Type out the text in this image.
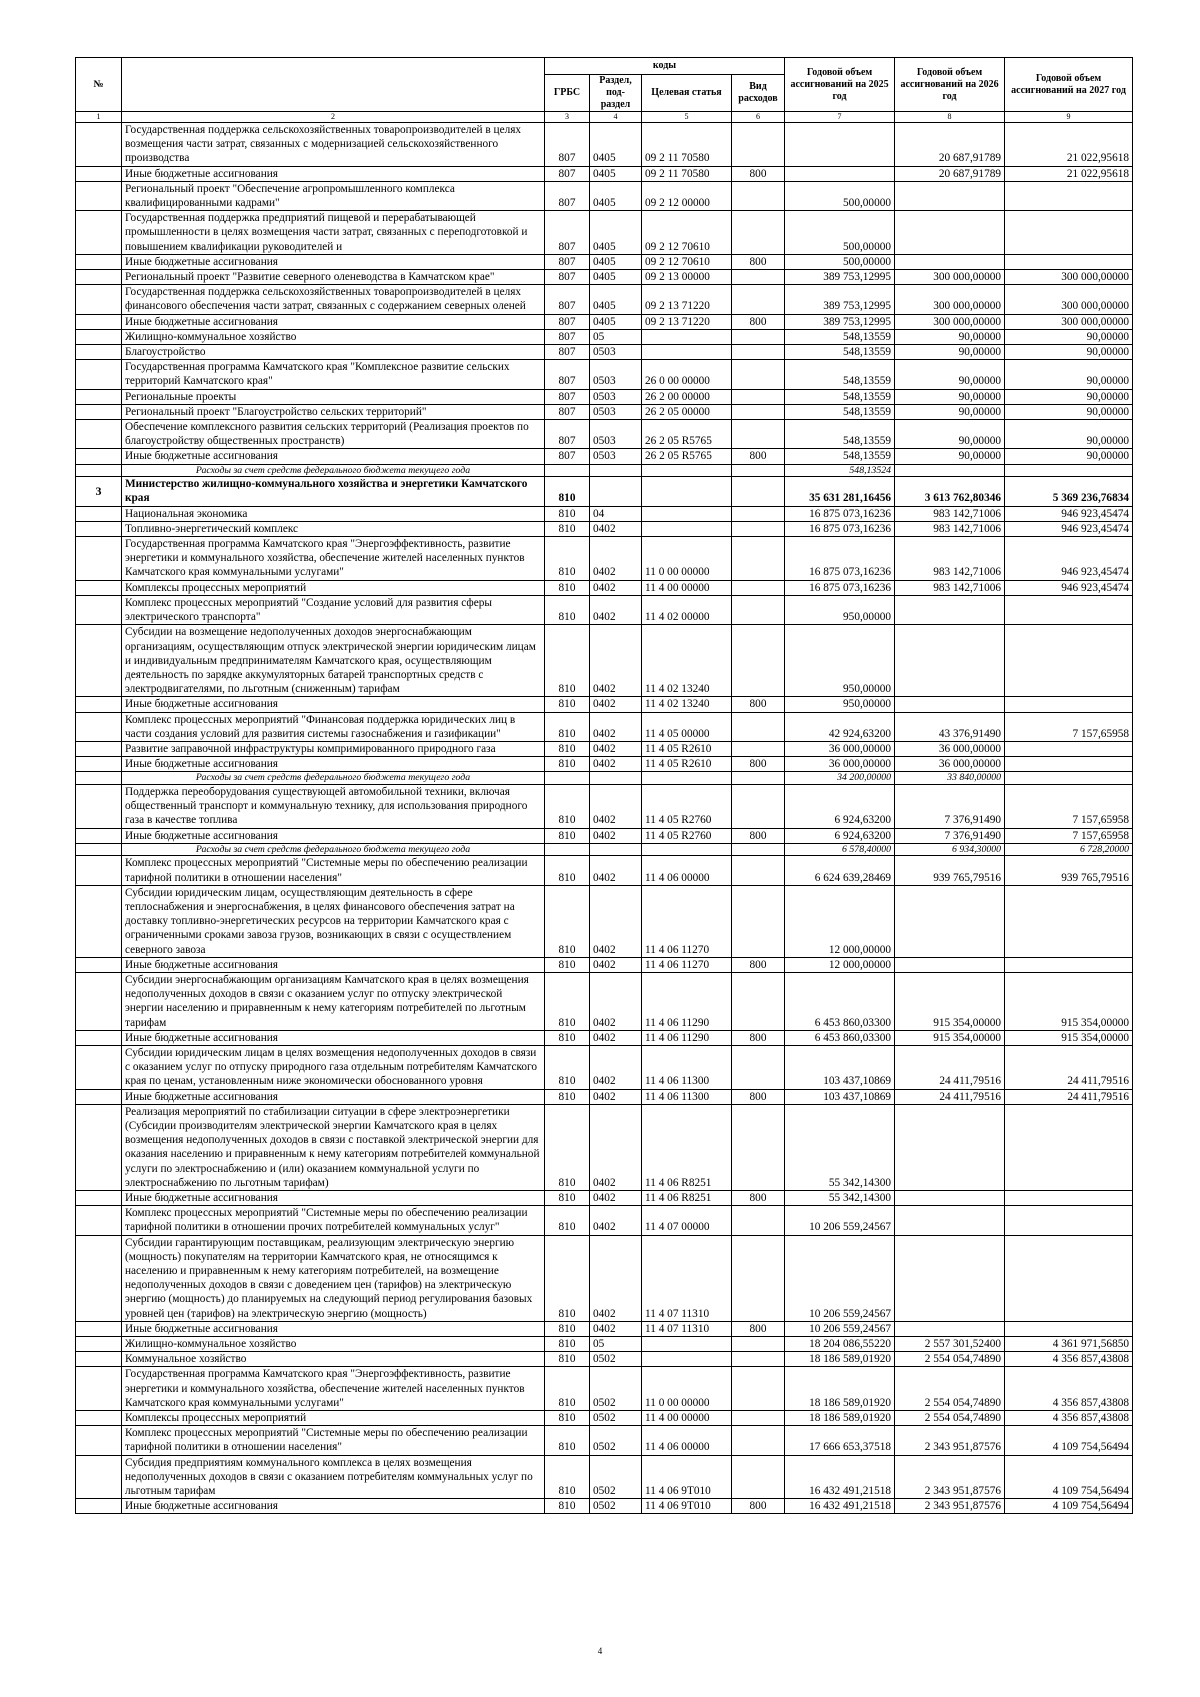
№		коды				Годовой объем ассигнований на 2025 год	Годовой объем ассигнований на 2026 год	Годовой объем ассигнований на 2027 год
		ГРБС	Раздел, под-раздел	Целевая статья	Вид расходов			
1	2	3	4	5	6	7	8	9
	Государственная поддержка сельскохозяйственных товаропроизводителей в целях возмещения части затрат, связанных с модернизацией сельскохозяйственного производства	807	0405	09 2 11 70580			20 687,91789	21 022,95618
	Иные бюджетные ассигнования	807	0405	09 2 11 70580	800		20 687,91789	21 022,95618
	Региональный проект "Обеспечение агропромышленного комплекса квалифицированными кадрами"	807	0405	09 2 12 00000		500,00000		
	Государственная поддержка предприятий пищевой и перерабатывающей промышленности в целях возмещения части затрат, связанных с переподготовкой и повышением квалификации руководителей и	807	0405	09 2 12 70610		500,00000		
	Иные бюджетные ассигнования	807	0405	09 2 12 70610	800	500,00000		
	Региональный проект "Развитие северного оленеводства в Камчатском крае"	807	0405	09 2 13 00000		389 753,12995	300 000,00000	300 000,00000
	Государственная поддержка сельскохозяйственных товаропроизводителей в целях финансового обеспечения части затрат, связанных с содержанием северных оленей	807	0405	09 2 13 71220		389 753,12995	300 000,00000	300 000,00000
	Иные бюджетные ассигнования	807	0405	09 2 13 71220	800	389 753,12995	300 000,00000	300 000,00000
	Жилищно-коммунальное хозяйство	807	05			548,13559	90,00000	90,00000
	Благоустройство	807	0503			548,13559	90,00000	90,00000
	Государственная программа Камчатского края "Комплексное развитие сельских территорий Камчатского края"	807	0503	26 0 00 00000		548,13559	90,00000	90,00000
	Региональные проекты	807	0503	26 2 00 00000		548,13559	90,00000	90,00000
	Региональный проект "Благоустройство сельских территорий"	807	0503	26 2 05 00000		548,13559	90,00000	90,00000
	Обеспечение комплексного развития сельских территорий (Реализация проектов по благоустройству общественных пространств)	807	0503	26 2 05 R5765		548,13559	90,00000	90,00000
	Иные бюджетные ассигнования	807	0503	26 2 05 R5765	800	548,13559	90,00000	90,00000
	Расходы за счет средств федерального бюджета текущего года					548,13524		
3	Министерство жилищно-коммунального хозяйства и энергетики Камчатского края	810				35 631 281,16456	3 613 762,80346	5 369 236,76834
	Национальная экономика	810	04			16 875 073,16236	983 142,71006	946 923,45474
	Топливно-энергетический комплекс	810	0402			16 875 073,16236	983 142,71006	946 923,45474
	Государственная программа Камчатского края "Энергоэффективность, развитие энергетики и коммунального хозяйства, обеспечение жителей населенных пунктов Камчатского края коммунальными услугами"	810	0402	11 0 00 00000		16 875 073,16236	983 142,71006	946 923,45474
	Комплексы процессных мероприятий	810	0402	11 4 00 00000		16 875 073,16236	983 142,71006	946 923,45474
	Комплекс процессных мероприятий "Создание условий для развития сферы электрического транспорта"	810	0402	11 4 02 00000		950,00000		
	Субсидии на возмещение недополученных доходов энергоснабжающим организациям, осуществляющим отпуск электрической энергии юридическим лицам и индивидуальным предпринимателям Камчатского края, осуществляющим деятельность по зарядке аккумуляторных батарей транспортных средств с электродвигателями, по льготным (сниженным) тарифам	810	0402	11 4 02 13240		950,00000		
	Иные бюджетные ассигнования	810	0402	11 4 02 13240	800	950,00000		
	Комплекс процессных мероприятий "Финансовая поддержка юридических лиц в части создания условий для развития системы газоснабжения и газификации"	810	0402	11 4 05 00000		42 924,63200	43 376,91490	7 157,65958
	Развитие заправочной инфраструктуры компримированного природного газа	810	0402	11 4 05 R2610		36 000,00000	36 000,00000	
	Иные бюджетные ассигнования	810	0402	11 4 05 R2610	800	36 000,00000	36 000,00000	
	Расходы за счет средств федерального бюджета текущего года					34 200,00000	33 840,00000	
	Поддержка переоборудования существующей автомобильной техники, включая общественный транспорт и коммунальную технику, для использования природного газа в качестве топлива	810	0402	11 4 05 R2760		6 924,63200	7 376,91490	7 157,65958
	Иные бюджетные ассигнования	810	0402	11 4 05 R2760	800	6 924,63200	7 376,91490	7 157,65958
	Расходы за счет средств федерального бюджета текущего года					6 578,40000	6 934,30000	6 728,20000
	Комплекс процессных мероприятий "Системные меры по обеспечению реализации тарифной политики в отношении населения"	810	0402	11 4 06 00000		6 624 639,28469	939 765,79516	939 765,79516
	Субсидии юридическим лицам, осуществляющим деятельность в сфере теплоснабжения и энергоснабжения, в целях финансового обеспечения затрат на доставку топливно-энергетических ресурсов на территории Камчатского края с ограниченными сроками завоза грузов, возникающих в связи с осуществлением северного завоза	810	0402	11 4 06 11270		12 000,00000		
	Иные бюджетные ассигнования	810	0402	11 4 06 11270	800	12 000,00000		
	Субсидии энергоснабжающим организациям Камчатского края в целях возмещения недополученных доходов в связи с оказанием услуг по отпуску электрической энергии населению и приравненным к нему категориям потребителей по льготным тарифам	810	0402	11 4 06 11290		6 453 860,03300	915 354,00000	915 354,00000
	Иные бюджетные ассигнования	810	0402	11 4 06 11290	800	6 453 860,03300	915 354,00000	915 354,00000
	Субсидии юридическим лицам в целях возмещения недополученных доходов в связи с оказанием услуг по отпуску природного газа отдельным потребителям Камчатского края по ценам, установленным ниже экономически обоснованного уровня	810	0402	11 4 06 11300		103 437,10869	24 411,79516	24 411,79516
	Иные бюджетные ассигнования	810	0402	11 4 06 11300	800	103 437,10869	24 411,79516	24 411,79516
	Реализация мероприятий по стабилизации ситуации в сфере электроэнергетики (Субсидии производителям электрической энергии Камчатского края в целях возмещения недополученных доходов в связи с поставкой электрической энергии для оказания населению и приравненным к нему категориям потребителей коммунальной услуги по электроснабжению и (или) оказанием коммунальной услуги по электроснабжению по льготным тарифам)	810	0402	11 4 06 R8251		55 342,14300		
	Иные бюджетные ассигнования	810	0402	11 4 06 R8251	800	55 342,14300		
	Комплекс процессных мероприятий "Системные меры по обеспечению реализации тарифной политики в отношении прочих потребителей коммунальных услуг"	810	0402	11 4 07 00000		10 206 559,24567		
	Субсидии гарантирующим поставщикам, реализующим электрическую энергию (мощность) покупателям на территории Камчатского края, не относящимся к населению и приравненным к нему категориям потребителей, на возмещение недополученных доходов в связи с доведением цен (тарифов) на электрическую энергию (мощность) до планируемых на следующий период регулирования базовых уровней цен (тарифов) на электрическую энергию (мощность)	810	0402	11 4 07 11310		10 206 559,24567		
	Иные бюджетные ассигнования	810	0402	11 4 07 11310	800	10 206 559,24567		
	Жилищно-коммунальное хозяйство	810	05			18 204 086,55220	2 557 301,52400	4 361 971,56850
	Коммунальное хозяйство	810	0502			18 186 589,01920	2 554 054,74890	4 356 857,43808
	Государственная программа Камчатского края "Энергоэффективность, развитие энергетики и коммунального хозяйства, обеспечение жителей населенных пунктов Камчатского края коммунальными услугами"	810	0502	11 0 00 00000		18 186 589,01920	2 554 054,74890	4 356 857,43808
	Комплексы процессных мероприятий	810	0502	11 4 00 00000		18 186 589,01920	2 554 054,74890	4 356 857,43808
	Комплекс процессных мероприятий "Системные меры по обеспечению реализации тарифной политики в отношении населения"	810	0502	11 4 06 00000		17 666 653,37518	2 343 951,87576	4 109 754,56494
	Субсидия предприятиям коммунального комплекса в целях возмещения недополученных доходов в связи с оказанием потребителям коммунальных услуг по льготным тарифам	810	0502	11 4 06 9T010		16 432 491,21518	2 343 951,87576	4 109 754,56494
	Иные бюджетные ассигнования	810	0502	11 4 06 9T010	800	16 432 491,21518	2 343 951,87576	4 109 754,56494
4
